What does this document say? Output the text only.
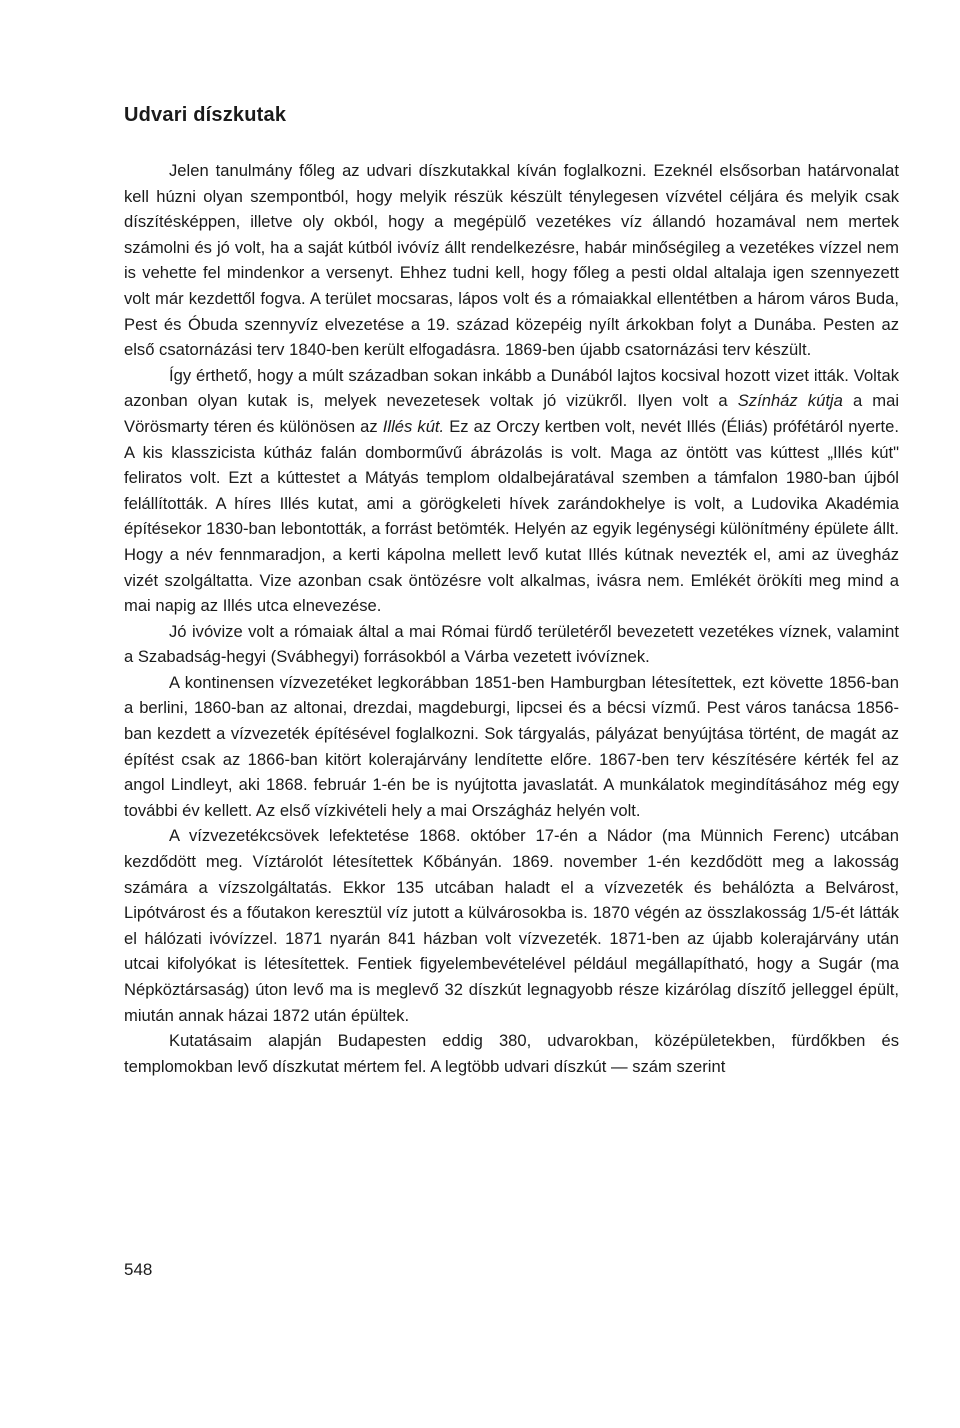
Udvari díszkutak

Jelen tanulmány főleg az udvari díszkutakkal kíván foglalkozni. Ezeknél elsősorban határvonalat kell húzni olyan szempontból, hogy melyik részük készült ténylegesen vízvétel céljára és melyik csak díszítésképpen, illetve oly okból, hogy a megépülő vezetékes víz állandó hozamával nem mertek számolni és jó volt, ha a saját kútból ivóvíz állt rendelkezésre, habár minőségileg a vezetékes vízzel nem is vehette fel mindenkor a versenyt. Ehhez tudni kell, hogy főleg a pesti oldal altalaja igen szennyezett volt már kezdettől fogva. A terület mocsaras, lápos volt és a rómaiakkal ellentétben a három város Buda, Pest és Óbuda szennyvíz elvezetése a 19. század közepéig nyílt árkokban folyt a Dunába. Pesten az első csatornázási terv 1840-ben került elfogadásra. 1869-ben újabb csatornázási terv készült.

Így érthető, hogy a múlt században sokan inkább a Dunából lajtos kocsival hozott vizet itták. Voltak azonban olyan kutak is, melyek nevezetesek voltak jó vizükről. Ilyen volt a Színház kútja a mai Vörösmarty téren és különösen az Illés kút. Ez az Orczy kertben volt, nevét Illés (Éliás) prófétáról nyerte. A kis klasszicista kútház falán domborművű ábrázolás is volt. Maga az öntött vas kúttest „Illés kút" feliratos volt. Ezt a kúttestet a Mátyás templom oldalbejáratával szemben a támfalon 1980-ban újból felállították. A híres Illés kutat, ami a görögkeleti hívek zarándokhelye is volt, a Ludovika Akadémia építésekor 1830-ban lebontották, a forrást betömték. Helyén az egyik legénységi különítmény épülete állt. Hogy a név fennmaradjon, a kerti kápolna mellett levő kutat Illés kútnak nevezték el, ami az üvegház vizét szolgáltatta. Vize azonban csak öntözésre volt alkalmas, ivásra nem. Emlékét örökíti meg mind a mai napig az Illés utca elnevezése.

Jó ivóvize volt a rómaiak által a mai Római fürdő területéről bevezetett vezetékes víznek, valamint a Szabadság-hegyi (Svábhegyi) forrásokból a Várba vezetett ivóvíznek.

A kontinensen vízvezetéket legkorábban 1851-ben Hamburgban létesítettek, ezt követte 1856-ban a berlini, 1860-ban az altonai, drezdai, magdeburgi, lipcsei és a bécsi vízmű. Pest város tanácsa 1856-ban kezdett a vízvezeték építésével foglalkozni. Sok tárgyalás, pályázat benyújtása történt, de magát az építést csak az 1866-ban kitört kolerajárvány lendítette előre. 1867-ben terv készítésére kérték fel az angol Lindleyt, aki 1868. február 1-én be is nyújtotta javaslatát. A munkálatok megindításához még egy további év kellett. Az első vízkivételi hely a mai Országház helyén volt.

A vízvezetékcsövek lefektetése 1868. október 17-én a Nádor (ma Münnich Ferenc) utcában kezdődött meg. Víztárolót létesítettek Kőbányán. 1869. november 1-én kezdődött meg a lakosság számára a vízszolgáltatás. Ekkor 135 utcában haladt el a vízvezeték és behálózta a Belvárost, Lipótvárost és a főutakon keresztül víz jutott a külvárosokba is. 1870 végén az összlakosság 1/5-ét látták el hálózati ivóvízzel. 1871 nyarán 841 házban volt vízvezeték. 1871-ben az újabb kolerajárvány után utcai kifolyókat is létesítettek. Fentiek figyelembevételével például megállapítható, hogy a Sugár (ma Népköztársaság) úton levő ma is meglevő 32 díszkút legnagyobb része kizárólag díszítő jelleggel épült, miután annak házai 1872 után épültek.

Kutatásaim alapján Budapesten eddig 380, udvarokban, középületekben, fürdőkben és templomokban levő díszkutat mértem fel. A legtöbb udvari díszkút — szám szerint

548
